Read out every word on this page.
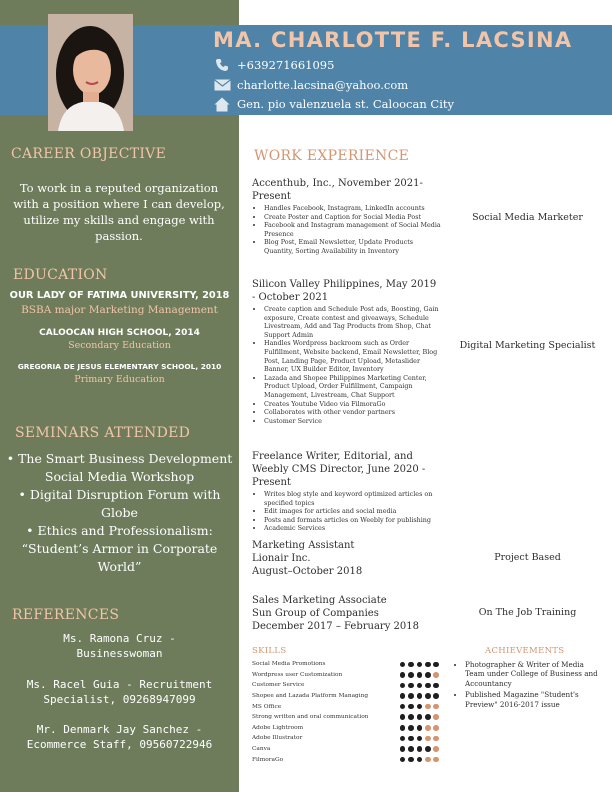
MA. CHARLOTTE F. LACSINA
+639271661095
charlotte.lacsina@yahoo.com
Gen. pio valenzuela st. Caloocan City
CAREER OBJECTIVE
To work in a reputed organization with a position where I can develop, utilize my skills and engage with passion.
EDUCATION
OUR LADY OF FATIMA UNIVERSITY, 2018
BSBA major Marketing Management
CALOOCAN HIGH SCHOOL, 2014
Secondary Education
GREGORIA DE JESUS ELEMENTARY SCHOOL, 2010
Primary Education
SEMINARS ATTENDED
• The Smart Business Development Social Media Workshop
• Digital Disruption Forum with Globe
• Ethics and Professionalism: “Student’s Armor in Corporate World”
REFERENCES
Ms. Ramona Cruz - Businesswoman
Ms. Racel Guia - Recruitment Specialist, 09268947099
Mr. Denmark Jay Sanchez - Ecommerce Staff, 09560722946
WORK EXPERIENCE
Accenthub, Inc., November 2021- Present
• Handles Facebook, Instagram, LinkedIn accounts
• Create Poster and Caption for Social Media Post
• Facebook and Instagram management of Social Media Presence
• Blog Post, Email Newsletter, Update Products Quantity, Sorting Availability in Inventory
Social Media Marketer
Silicon Valley Philippines, May 2019 - October 2021
• Create caption and Schedule Post ads, Boosting, Gain exposure, Create contest and giveaways, Schedule Livestream, Add and Tag Products from Shop, Chat Support Admin
• Handles Wordpress backroom such as Order Fulfillment, Website backend, Email Newsletter, Blog Post, Landing Page, Product Upload, Metaslider Banner, UX Builder Editor, Inventory
• Lazada and Shopee Philippines Marketing Center, Product Upload, Order Fulfillment, Campaign Management, Livestream, Chat Support
• Creates Youtube Video via FilmoraGo
• Collaborates with other vendor partners
• Customer Service
Digital Marketing Specialist
Freelance Writer, Editorial, and Weebly CMS Director, June 2020 - Present
• Writes blog style and keyword optimized articles on specified topics
• Edit images for articles and social media
• Posts and formats articles on Weebly for publishing
• Academic Services
Marketing Assistant
Lionair Inc.
August–October 2018
Project Based
Sales Marketing Associate
Sun Group of Companies
December 2017 – February 2018
On The Job Training
SKILLS
Social Media Promotions
Wordpress user Customization
Customer Service
Shopee and Lazada Platform Managing
MS Office
Strong written and oral communication
Adobe Lightroom
Adobe Illustrator
Canva
FilmoraGo
ACHIEVEMENTS
• Photographer & Writer of Media Team under College of Business and Accountancy
• Published Magazine "Student's Preview" 2016-2017 issue
